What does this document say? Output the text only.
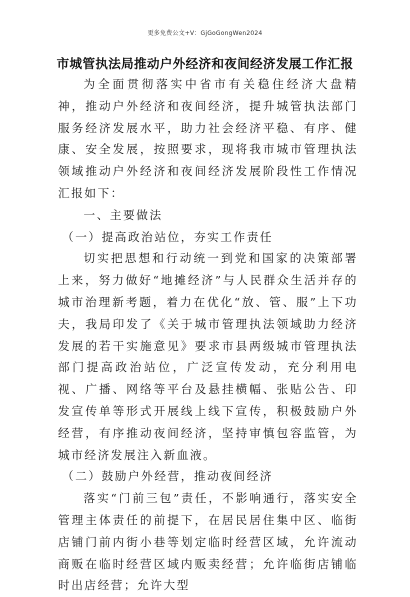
更多免费公文+V：GjGoGongWen2024
市城管执法局推动户外经济和夜间经济发展工作汇报

为全面贯彻落实中省市有关稳住经济大盘精神，推动户外经济和夜间经济，提升城管执法部门服务经济发展水平，助力社会经济平稳、有序、健康、安全发展，按照要求，现将我市城市管理执法领域推动户外经济和夜间经济发展阶段性工作情况汇报如下：

一、主要做法

（一）提高政治站位，夯实工作责任

切实把思想和行动统一到党和国家的决策部署上来，努力做好“地摊经济”与人民群众生活并存的城市治理新考题，着力在优化“放、管、服”上下功夫，我局印发了《关于城市管理执法领域助力经济发展的若干实施意见》要求市县两级城市管理执法部门提高政治站位，广泛宣传发动，充分利用电视、广播、网络等平台及悬挂横幅、张贴公告、印发宣传单等形式开展线上线下宣传，积极鼓励户外经营，有序推动夜间经济，坚持审慎包容监管，为城市经济发展注入新血液。

（二）鼓励户外经营，推动夜间经济

落实“门前三包”责任，不影响通行，落实安全管理主体责任的前提下，在居民居住集中区、临街店铺门前内街小巷等划定临时经营区域，允许流动商贩在临时经营区域内贩卖经营；允许临街店铺临时出店经营；允许大型
